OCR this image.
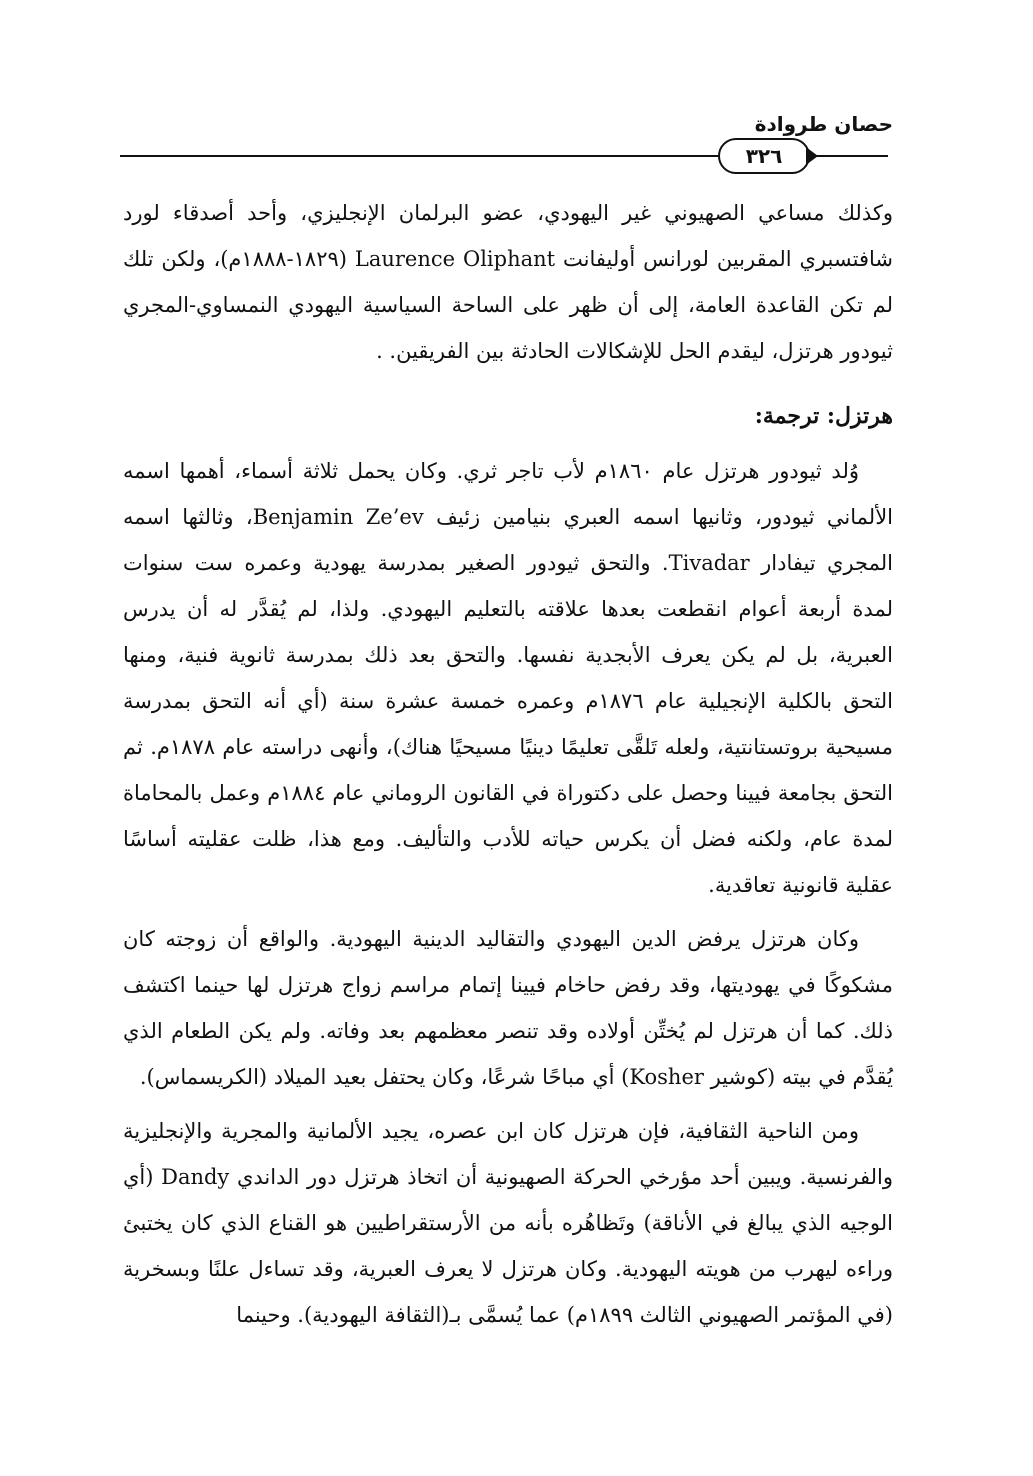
حصان طروادة
٣٢٦

وكذلك مساعي الصهيوني غير اليهودي، عضو البرلمان الإنجليزي، وأحد أصدقاء لورد شافتسبري المقربين لورانس أوليفانت Laurence Oliphant (١٨٢٩-١٨٨٨م)، ولكن تلك لم تكن القاعدة العامة، إلى أن ظهر على الساحة السياسية اليهودي النمساوي-المجري ثيودور هرتزل، ليقدم الحل للإشكالات الحادثة بين الفريقين. .

هرتزل: ترجمة:

وُلد ثيودور هرتزل عام ١٨٦٠م لأب تاجر ثري. وكان يحمل ثلاثة أسماء، أهمها اسمه الألماني ثيودور، وثانيها اسمه العبري بنيامين زئيف Benjamin Ze’ev، وثالثها اسمه المجري تيفادار Tivadar. والتحق ثيودور الصغير بمدرسة يهودية وعمره ست سنوات لمدة أربعة أعوام انقطعت بعدها علاقته بالتعليم اليهودي. ولذا، لم يُقدَّر له أن يدرس العبرية، بل لم يكن يعرف الأبجدية نفسها. والتحق بعد ذلك بمدرسة ثانوية فنية، ومنها التحق بالكلية الإنجيلية عام ١٨٧٦م وعمره خمسة عشرة سنة (أي أنه التحق بمدرسة مسيحية بروتستانتية، ولعله تَلقَّى تعليمًا دينيًا مسيحيًا هناك)، وأنهى دراسته عام ١٨٧٨م. ثم التحق بجامعة فيينا وحصل على دكتوراة في القانون الروماني عام ١٨٨٤م وعمل بالمحاماة لمدة عام، ولكنه فضل أن يكرس حياته للأدب والتأليف. ومع هذا، ظلت عقليته أساسًا عقلية قانونية تعاقدية.

وكان هرتزل يرفض الدين اليهودي والتقاليد الدينية اليهودية. والواقع أن زوجته كان مشكوكًا في يهوديتها، وقد رفض حاخام فيينا إتمام مراسم زواج هرتزل لها حينما اكتشف ذلك. كما أن هرتزل لم يُختِّن أولاده وقد تنصر معظمهم بعد وفاته. ولم يكن الطعام الذي يُقدَّم في بيته (كوشير Kosher) أي مباحًا شرعًا، وكان يحتفل بعيد الميلاد (الكريسماس).

ومن الناحية الثقافية، فإن هرتزل كان ابن عصره، يجيد الألمانية والمجرية والإنجليزية والفرنسية. ويبين أحد مؤرخي الحركة الصهيونية أن اتخاذ هرتزل دور الداندي Dandy (أي الوجيه الذي يبالغ في الأناقة) وتَظاهُره بأنه من الأرستقراطيين هو القناع الذي كان يختبئ وراءه ليهرب من هويته اليهودية. وكان هرتزل لا يعرف العبرية، وقد تساءل علنًا وبسخرية (في المؤتمر الصهيوني الثالث ١٨٩٩م) عما يُسمَّى بـ(الثقافة اليهودية). وحينما
